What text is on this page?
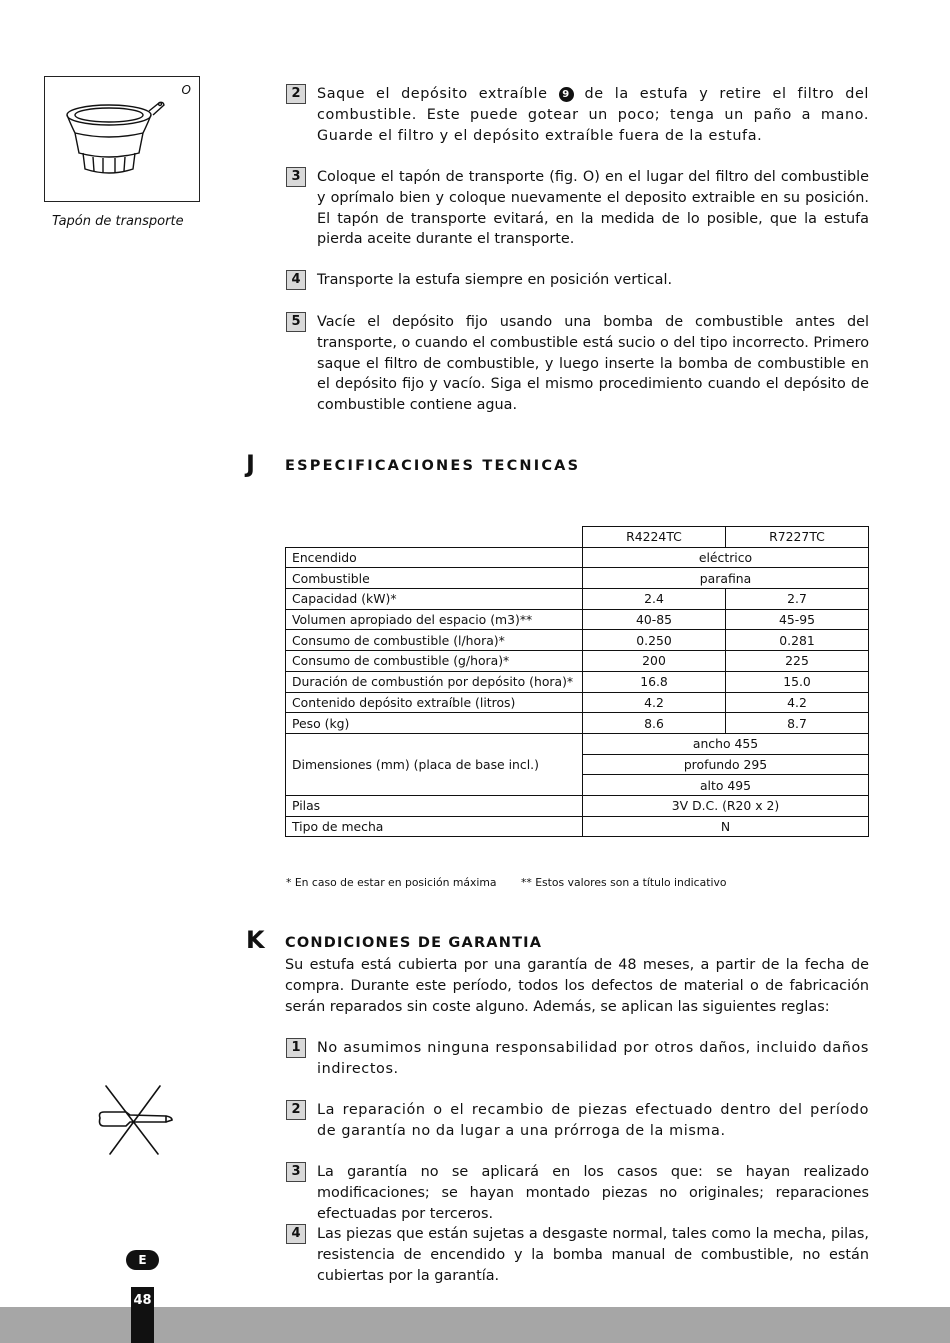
O
Tapón de transporte
2	Saque el depósito extraíble 9 de la estufa y retire el filtro del combustible. Este puede gotear un poco; tenga un paño a mano. Guarde el filtro y el depósito extraíble fuera de la estufa.
3	Coloque el tapón de transporte (fig. O) en el lugar del filtro del combustible y oprímalo bien y coloque nuevamente el deposito extraible en su posición. El tapón de transporte evitará, en la medida de lo posible, que la estufa pierda aceite durante el transporte.
4	Transporte la estufa siempre en posición vertical.
5	Vacíe el depósito fijo usando una bomba de combustible antes del transporte, o cuando el combustible está sucio o del tipo incorrecto. Primero saque el filtro de combustible, y luego inserte la bomba de combustible en el depósito fijo y vacío. Siga el mismo procedimiento cuando el depósito de combustible contiene agua.
J ESPECIFICACIONES TECNICAS
	R4224TC	R7227TC
Encendido	eléctrico	
Combustible	parafina	
Capacidad (kW)*	2.4	2.7
Volumen apropiado del espacio (m3)**	40-85	45-95
Consumo de combustible (l/hora)*	0.250	0.281
Consumo de combustible (g/hora)*	200	225
Duración de combustión por depósito (hora)*	16.8	15.0
Contenido depósito extraíble (litros)	4.2	4.2
Peso (kg)	8.6	8.7
Dimensiones (mm) (placa de base incl.)	ancho 455	
	profundo 295	
	alto 495	
Pilas	3V D.C. (R20 x 2)	
Tipo de mecha	N	
* En caso de estar en posición máxima ** Estos valores son a título indicativo
K CONDICIONES DE GARANTIA
Su estufa está cubierta por una garantía de 48 meses, a partir de la fecha de compra. Durante este período, todos los defectos de material o de fabricación serán reparados sin coste alguno. Además, se aplican las siguientes reglas:
1	No asumimos ninguna responsabilidad por otros daños, incluido daños indirectos.
2	La reparación o el recambio de piezas efectuado dentro del período de garantía no da lugar a una prórroga de la misma.
3	La garantía no se aplicará en los casos que: se hayan realizado modificaciones; se hayan montado piezas no originales; reparaciones efectuadas por terceros.
4	Las piezas que están sujetas a desgaste normal, tales como la mecha, pilas, resistencia de encendido y la bomba manual de combustible, no están cubiertas por la garantía.
E
48
